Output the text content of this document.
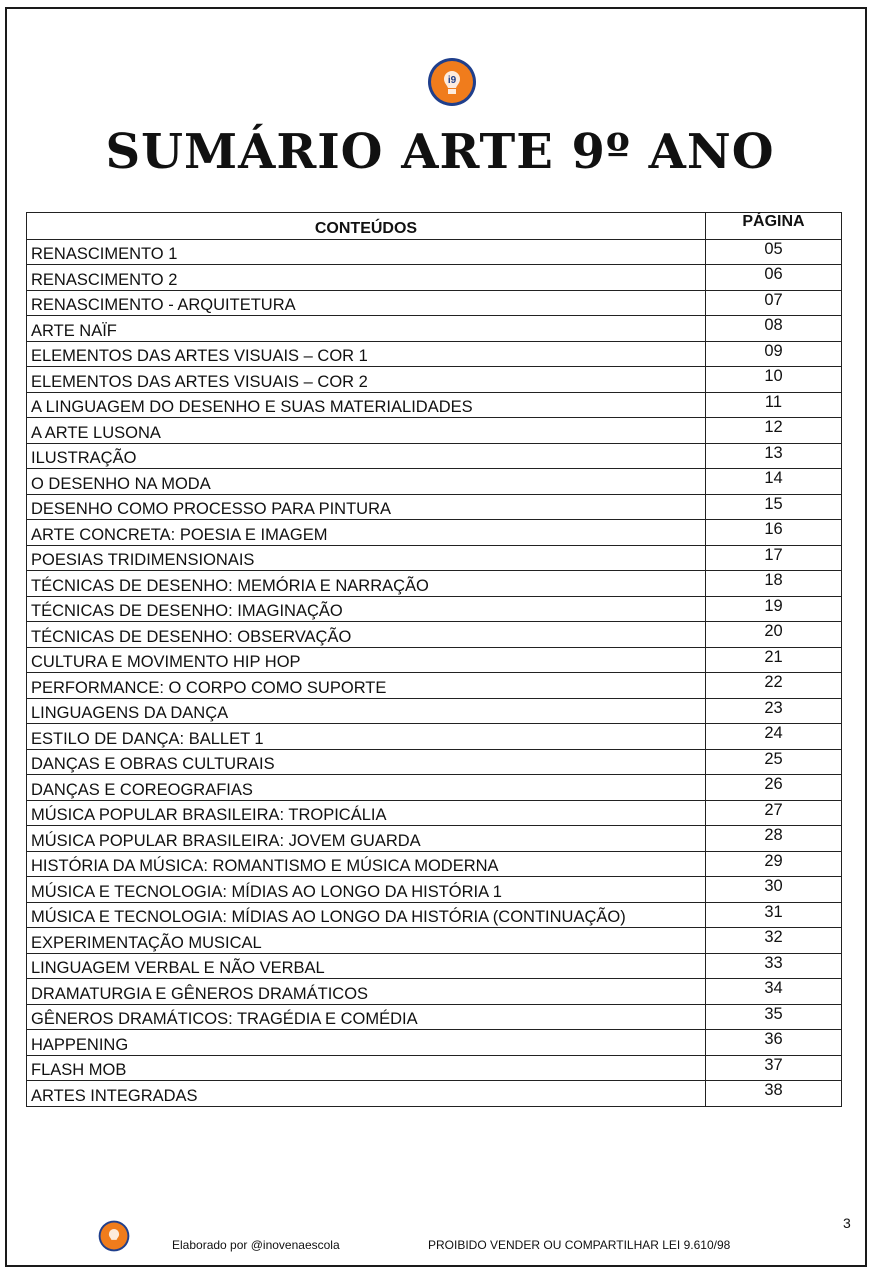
i9
SUMÁRIO ARTE 9º ANO
CONTEÚDOS	PÁGINA
RENASCIMENTO 1	05
RENASCIMENTO 2	06
RENASCIMENTO - ARQUITETURA	07
ARTE NAÏF	08
ELEMENTOS DAS ARTES VISUAIS – COR 1	09
ELEMENTOS DAS ARTES VISUAIS – COR 2	10
A LINGUAGEM DO DESENHO E SUAS MATERIALIDADES	11
A ARTE LUSONA	12
ILUSTRAÇÃO	13
O DESENHO NA MODA	14
DESENHO COMO PROCESSO PARA PINTURA	15
ARTE CONCRETA: POESIA E IMAGEM	16
POESIAS TRIDIMENSIONAIS	17
TÉCNICAS DE DESENHO: MEMÓRIA E NARRAÇÃO	18
TÉCNICAS DE DESENHO: IMAGINAÇÃO	19
TÉCNICAS DE DESENHO: OBSERVAÇÃO	20
CULTURA E MOVIMENTO HIP HOP	21
PERFORMANCE: O CORPO COMO SUPORTE	22
LINGUAGENS DA DANÇA	23
ESTILO DE DANÇA: BALLET 1	24
DANÇAS E OBRAS CULTURAIS	25
DANÇAS E COREOGRAFIAS	26
MÚSICA POPULAR BRASILEIRA: TROPICÁLIA	27
MÚSICA POPULAR BRASILEIRA: JOVEM GUARDA	28
HISTÓRIA DA MÚSICA: ROMANTISMO E MÚSICA MODERNA	29
MÚSICA E TECNOLOGIA: MÍDIAS AO LONGO DA HISTÓRIA 1	30
MÚSICA E TECNOLOGIA: MÍDIAS AO LONGO DA HISTÓRIA (CONTINUAÇÃO)	31
EXPERIMENTAÇÃO MUSICAL	32
LINGUAGEM VERBAL E NÃO VERBAL	33
DRAMATURGIA E GÊNEROS DRAMÁTICOS	34
GÊNEROS DRAMÁTICOS: TRAGÉDIA E COMÉDIA	35
HAPPENING	36
FLASH MOB	37
ARTES INTEGRADAS	38
Elaborado por @inovenaescola	PROIBIDO VENDER OU COMPARTILHAR LEI 9.610/98
3
